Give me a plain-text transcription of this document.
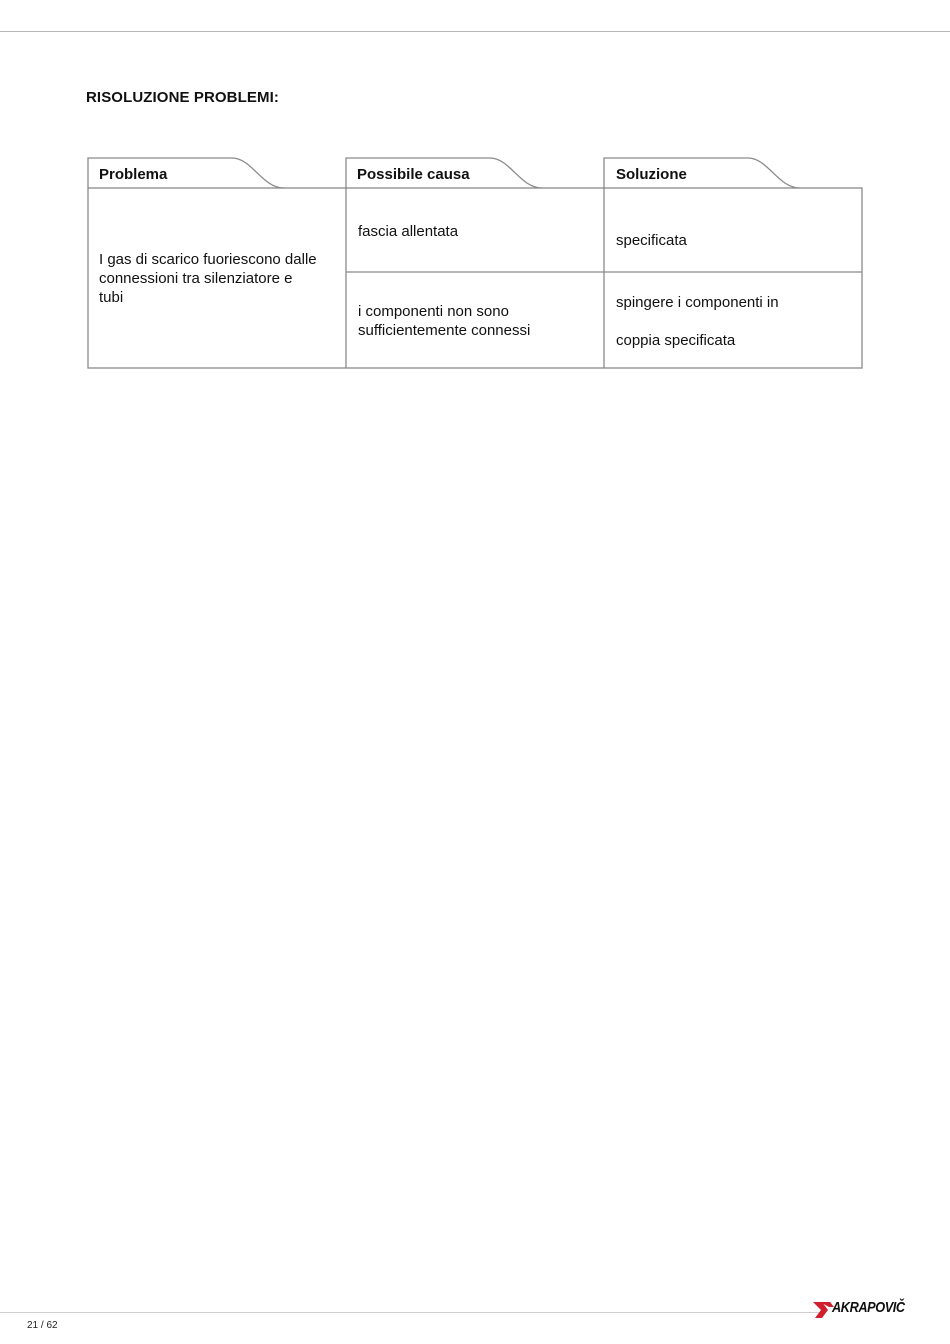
RISOLUZIONE PROBLEMI:
Problema	Possibile causa	Soluzione
I gas di scarico fuoriescono dalle
connessioni tra silenziatore e
tubi
fascia allentata
specificata
i componenti non sono
sufficientemente connessi
spingere i componenti in
coppia specificata
21 / 62
AKRAPOVIČ
